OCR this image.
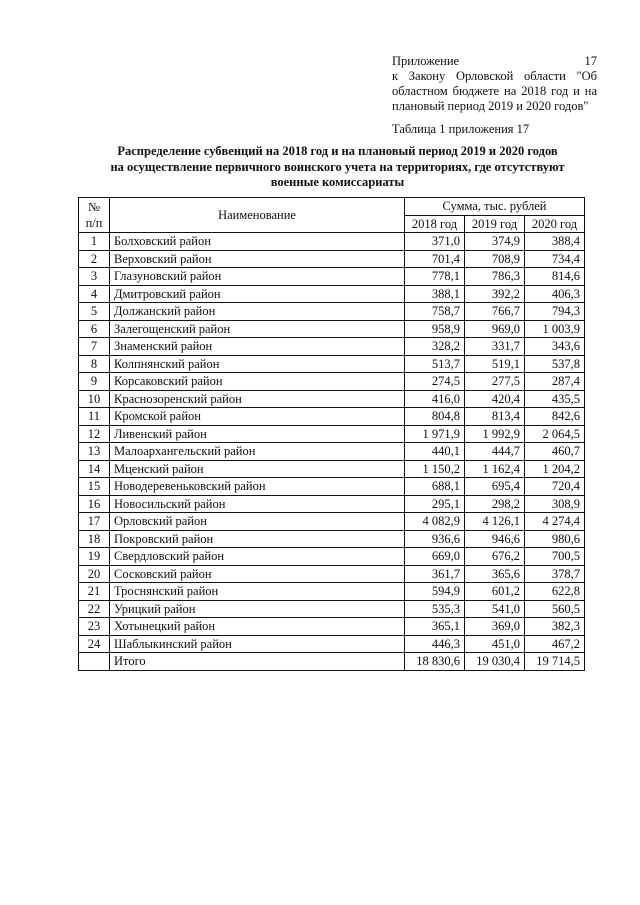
Приложение 17
к Закону Орловской области "Об
областном бюджете на 2018 год и на
плановый период 2019 и 2020 годов"
Таблица 1 приложения 17
Распределение субвенций на 2018 год и на плановый период 2019 и 2020 годов
на осуществление первичного воинского учета на территориях, где отсутствуют
военные комиссариаты
№
п/п	Наименование	Сумма, тыс. рублей		
		2018 год	2019 год	2020 год
1	Болховский район	371,0	374,9	388,4
2	Верховский район	701,4	708,9	734,4
3	Глазуновский район	778,1	786,3	814,6
4	Дмитровский район	388,1	392,2	406,3
5	Должанский район	758,7	766,7	794,3
6	Залегощенский район	958,9	969,0	1 003,9
7	Знаменский район	328,2	331,7	343,6
8	Колпнянский район	513,7	519,1	537,8
9	Корсаковский район	274,5	277,5	287,4
10	Краснозоренский район	416,0	420,4	435,5
11	Кромской район	804,8	813,4	842,6
12	Ливенский район	1 971,9	1 992,9	2 064,5
13	Малоархангельский район	440,1	444,7	460,7
14	Мценский район	1 150,2	1 162,4	1 204,2
15	Новодеревеньковский район	688,1	695,4	720,4
16	Новосильский район	295,1	298,2	308,9
17	Орловский район	4 082,9	4 126,1	4 274,4
18	Покровский район	936,6	946,6	980,6
19	Свердловский район	669,0	676,2	700,5
20	Сосковский район	361,7	365,6	378,7
21	Троснянский район	594,9	601,2	622,8
22	Урицкий район	535,3	541,0	560,5
23	Хотынецкий район	365,1	369,0	382,3
24	Шаблыкинский район	446,3	451,0	467,2
	Итого	18 830,6	19 030,4	19 714,5
